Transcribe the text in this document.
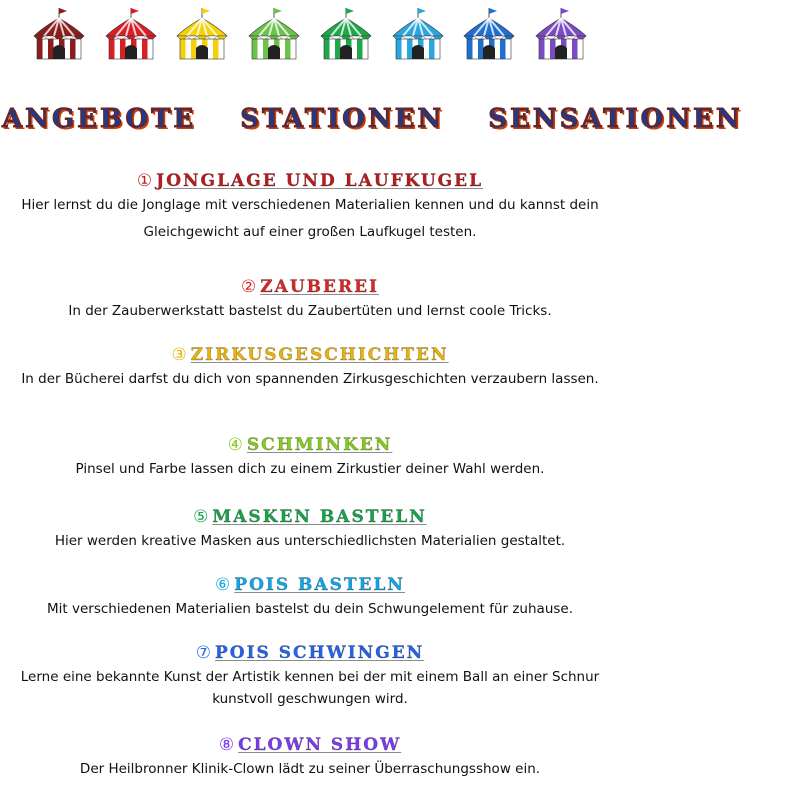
ANGEBOTE STATIONEN SENSATIONEN
① JONGLAGE UND LAUFKUGEL
Hier lernst du die Jonglage mit verschiedenen Materialien kennen und du kannst dein Gleichgewicht auf einer großen Laufkugel testen.
② ZAUBEREI
In der Zauberwerkstatt bastelst du Zaubertüten und lernst coole Tricks.
③ ZIRKUSGESCHICHTEN
In der Bücherei darfst du dich von spannenden Zirkusgeschichten verzaubern lassen.
④ SCHMINKEN
Pinsel und Farbe lassen dich zu einem Zirkustier deiner Wahl werden.
⑤ MASKEN BASTELN
Hier werden kreative Masken aus unterschiedlichsten Materialien gestaltet.
⑥ POIS BASTELN
Mit verschiedenen Materialien bastelst du dein Schwungelement für zuhause.
⑦ POIS SCHWINGEN
Lerne eine bekannte Kunst der Artistik kennen bei der mit einem Ball an einer Schnur kunstvoll geschwungen wird.
⑧ CLOWN SHOW
Der Heilbronner Klinik-Clown lädt zu seiner Überraschungsshow ein.
